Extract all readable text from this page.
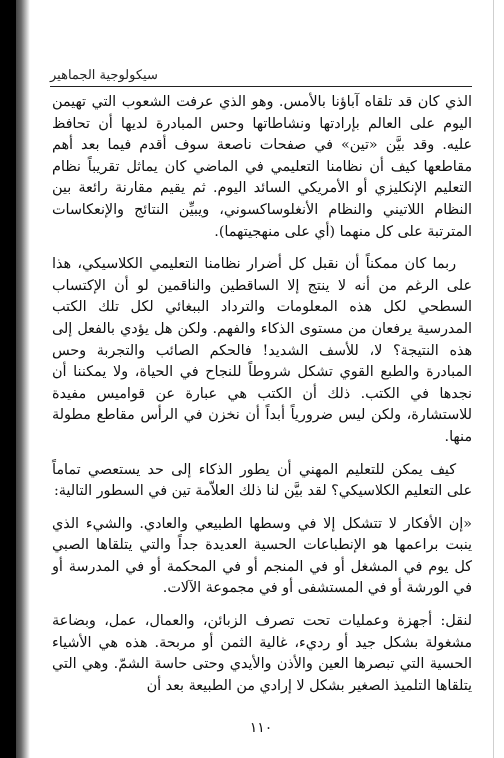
سيكولوجية الجماهير

الذي كان قد تلقاه آباؤنا بالأمس. وهو الذي عرفت الشعوب التي تهيمن اليوم على العالم بإرادتها ونشاطاتها وحس المبادرة لديها أن تحافظ عليه. وقد بيَّن «تين» في صفحات ناصعة سوف أقدم فيما بعد أهم مقاطعها كيف أن نظامنا التعليمي في الماضي كان يماثل تقريباً نظام التعليم الإنكليزي أو الأمريكي السائد اليوم. ثم يقيم مقارنة رائعة بين النظام اللاتيني والنظام الأنغلوساكسوني، ويبيِّن النتائج والإنعكاسات المترتبة على كل منهما (أي على منهجيتهما).

ربما كان ممكناً أن نقبل كل أضرار نظامنا التعليمي الكلاسيكي، هذا على الرغم من أنه لا ينتج إلا الساقطين والناقمين لو أن الإكتساب السطحي لكل هذه المعلومات والترداد الببغائي لكل تلك الكتب المدرسية يرفعان من مستوى الذكاء والفهم. ولكن هل يؤدي بالفعل إلى هذه النتيجة؟ لا، للأسف الشديد! فالحكم الصائب والتجربة وحس المبادرة والطبع القوي تشكل شروطاً للنجاح في الحياة، ولا يمكننا أن نجدها في الكتب. ذلك أن الكتب هي عبارة عن قواميس مفيدة للاستشارة، ولكن ليس ضرورياً أبداً أن نخزن في الرأس مقاطع مطولة منها.

كيف يمكن للتعليم المهني أن يطور الذكاء إلى حد يستعصي تماماً على التعليم الكلاسيكي؟ لقد بيَّن لنا ذلك العلاّمة تين في السطور التالية:

«إن الأفكار لا تتشكل إلا في وسطها الطبيعي والعادي. والشيء الذي ينبت براعمها هو الإنطباعات الحسية العديدة جداً والتي يتلقاها الصبي كل يوم في المشغل أو في المنجم أو في المحكمة أو في المدرسة أو في الورشة أو في المستشفى أو في مجموعة الآلات.

لنقل: أجهزة وعمليات تحت تصرف الزبائن، والعمال، عمل، وبضاعة مشغولة بشكل جيد أو رديء، غالية الثمن أو مربحة. هذه هي الأشياء الحسية التي تبصرها العين والأذن والأيدي وحتى حاسة الشمّ. وهي التي يتلقاها التلميذ الصغير بشكل لا إرادي من الطبيعة بعد أن

١١٠
